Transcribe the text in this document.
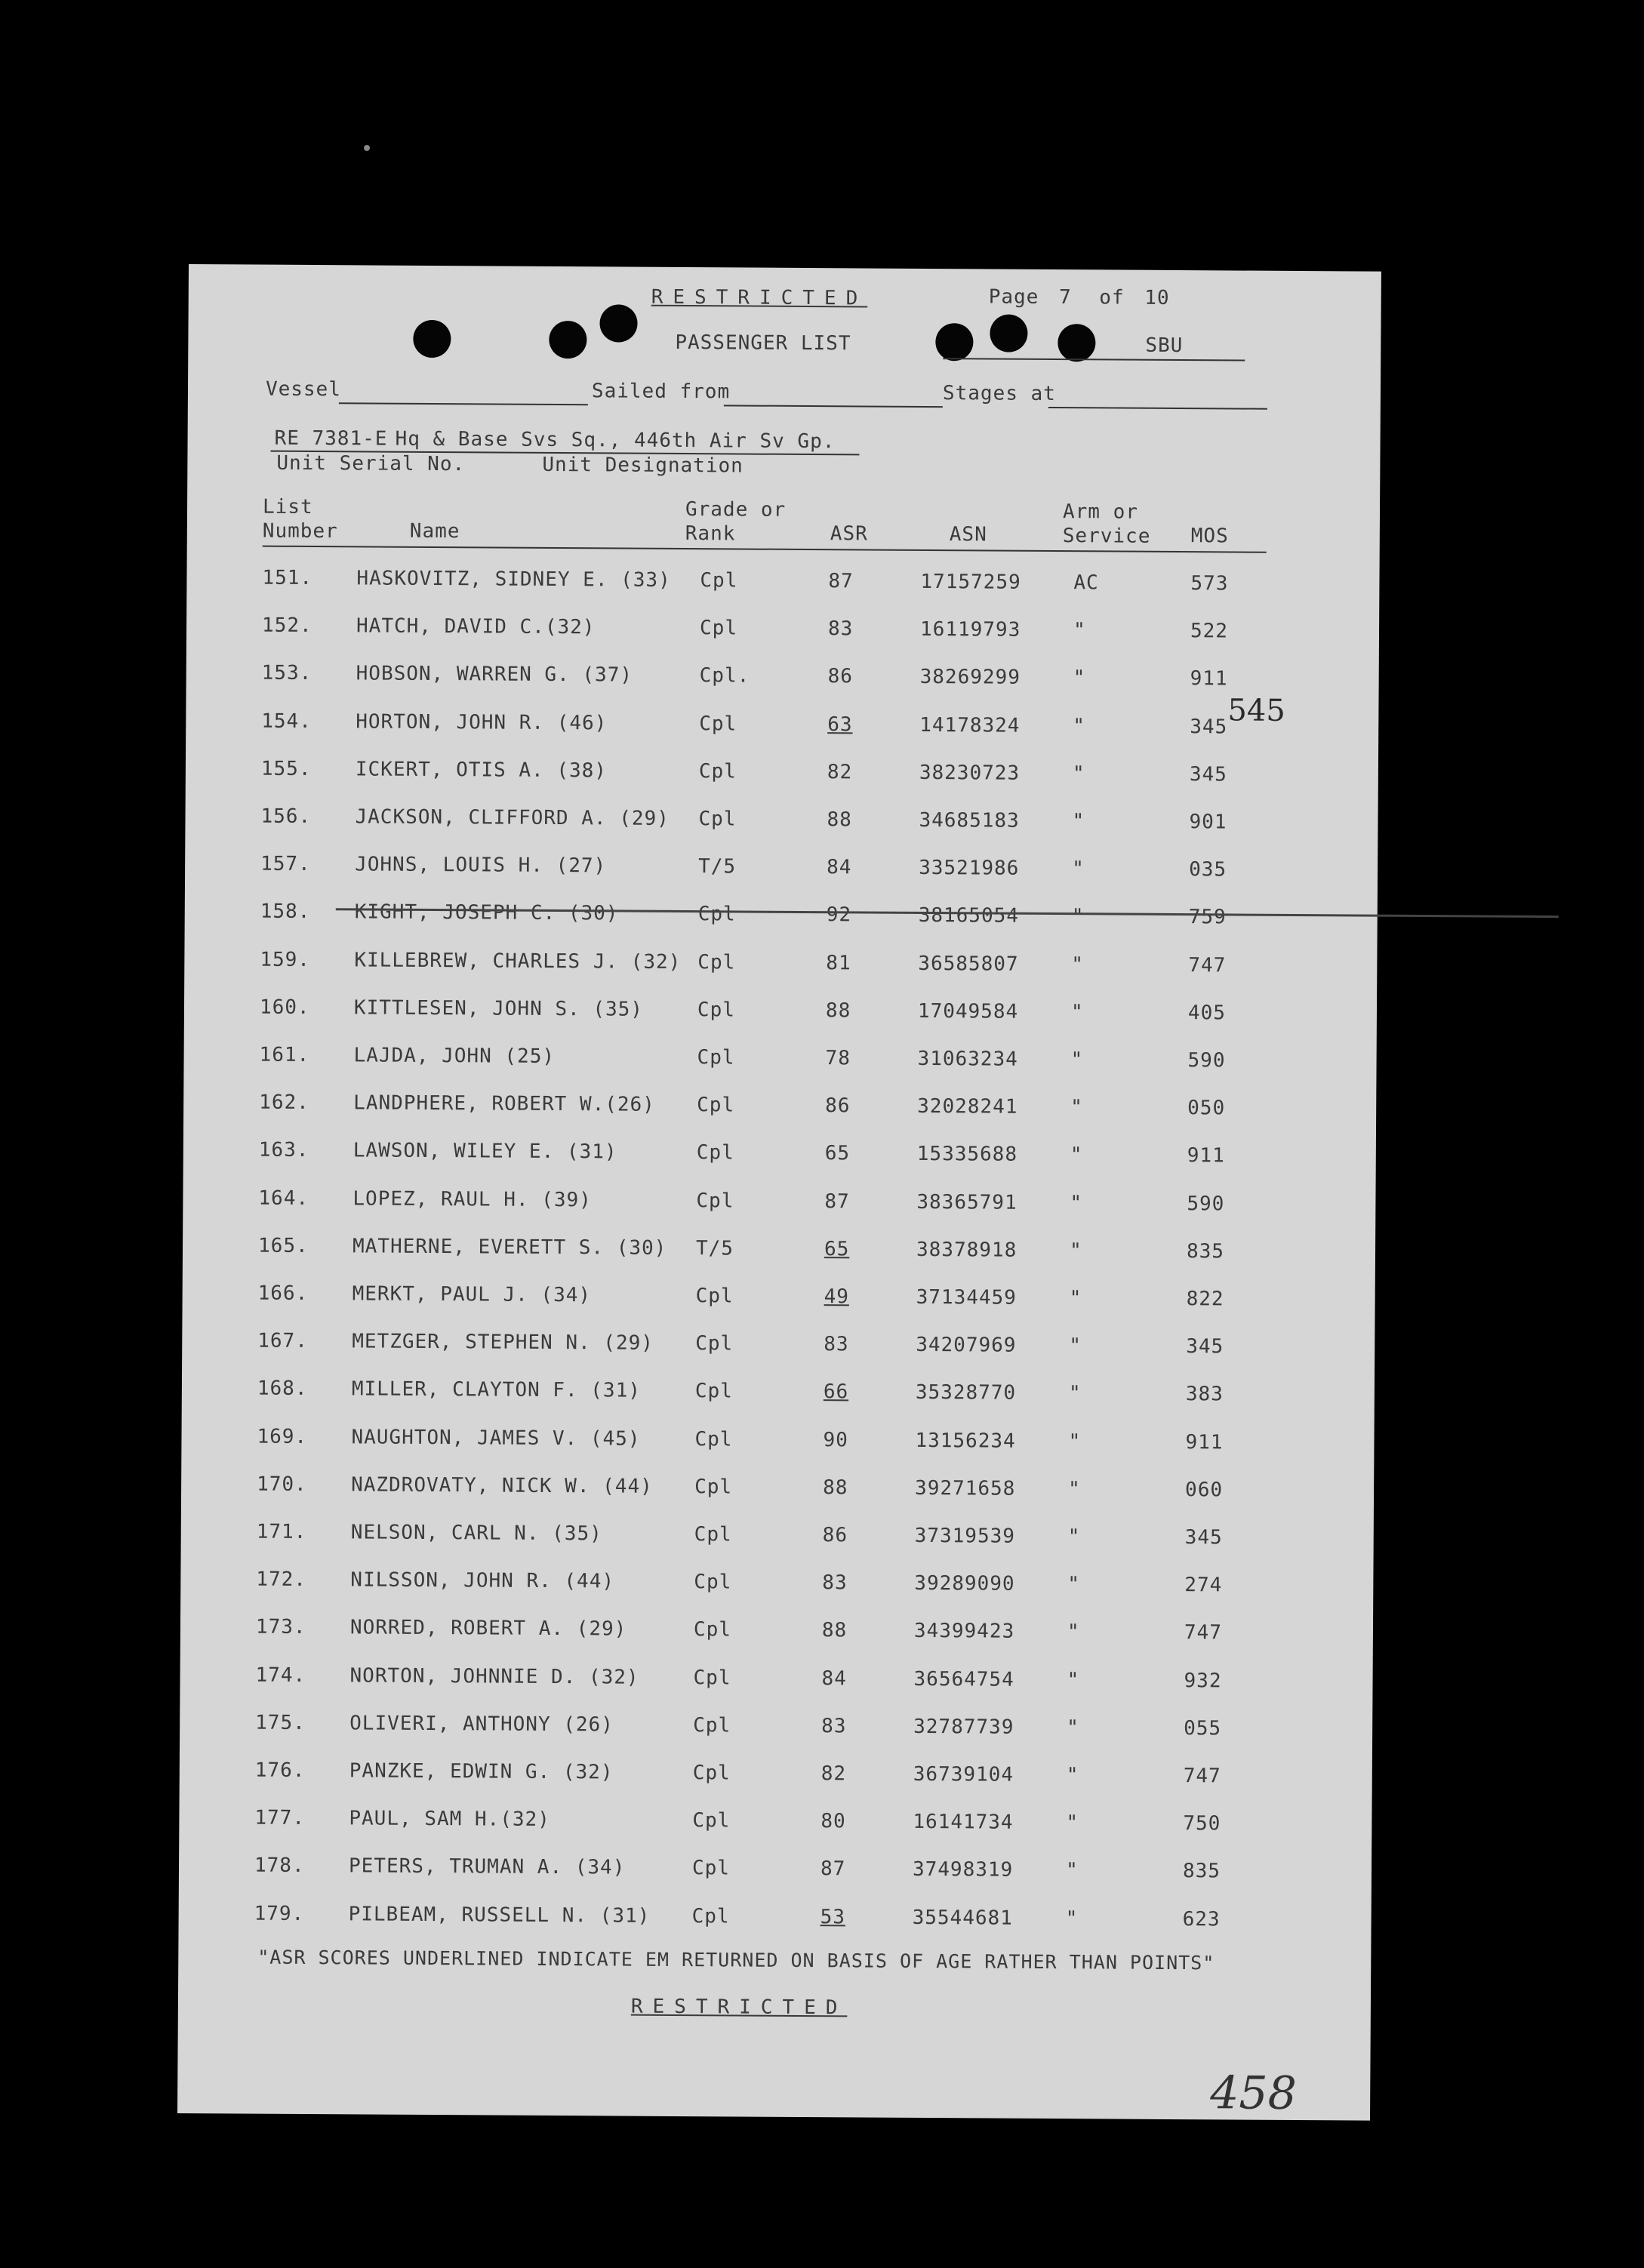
RESTRICTED	Page 7 of 10
PASSENGER LIST	SBU
Vessel	Sailed from	Stages at
RE 7381-E Hq & Base Svs Sq., 446th Air Sv Gp.
Unit Serial No.	Unit Designation
List Number	Name
Grade or Rank	ASR	ASN
Arm or Service	MOS
151. HASKOVITZ, SIDNEY E. (33) Cpl	87	17157259	AC	573
152. HATCH, DAVID C.(32)	Cpl	83	16119793	"	522
153. HOBSON, WARREN G. (37)	Cpl.	86	38269299	"	911
154. HORTON, JOHN R. (46)	Cpl	63	14178324	"	345
155. ICKERT, OTIS A. (38)	Cpl	82	38230723	"	345
156. JACKSON, CLIFFORD A. (29) Cpl	88	34685183	"	901
157. JOHNS, LOUIS H. (27)	T/5	84	33521986	"	035
158. KIGHT, JOSEPH C. (30)	Cpl	92	38165054	"	759
159. KILLEBREW, CHARLES J. (32) Cpl	81	36585807	"	747
160. KITTLESEN, JOHN S. (35)	Cpl	88	17049584	"	405
161. LAJDA, JOHN (25)	Cpl	78	31063234	"	590
162. LANDPHERE, ROBERT W.(26) Cpl	86	32028241	"	050
163. LAWSON, WILEY E. (31)	Cpl	65	15335688	"	911
164. LOPEZ, RAUL H. (39)	Cpl	87	38365791	"	590
165. MATHERNE, EVERETT S. (30) T/5	65	38378918	"	835
166. MERKT, PAUL J. (34)	Cpl	49	37134459	"	822
167. METZGER, STEPHEN N. (29) Cpl	83	34207969	"	345
168. MILLER, CLAYTON F. (31)	Cpl	66	35328770	"	383
169. NAUGHTON, JAMES V. (45)	Cpl	90	13156234	"	911
170. NAZDROVATY, NICK W. (44) Cpl	88	39271658	"	060
171. NELSON, CARL N. (35)	Cpl	86	37319539	"	345
172. NILSSON, JOHN R. (44)	Cpl	83	39289090	"	274
173. NORRED, ROBERT A. (29)	Cpl	88	34399423	"	747
174. NORTON, JOHNNIE D. (32)	Cpl	84	36564754	"	932
175. OLIVERI, ANTHONY (26)	Cpl	83	32787739	"	055
176. PANZKE, EDWIN G. (32)	Cpl	82	36739104	"	747
177. PAUL, SAM H.(32)	Cpl	80	16141734	"	750
178. PETERS, TRUMAN A. (34)	Cpl	87	37498319	"	835
179. PILBEAM, RUSSELL N. (31) Cpl	53	35544681	"	623
545
"ASR SCORES UNDERLINED INDICATE EM RETURNED ON BASIS OF AGE RATHER THAN POINTS"
RESTRICTED
458
